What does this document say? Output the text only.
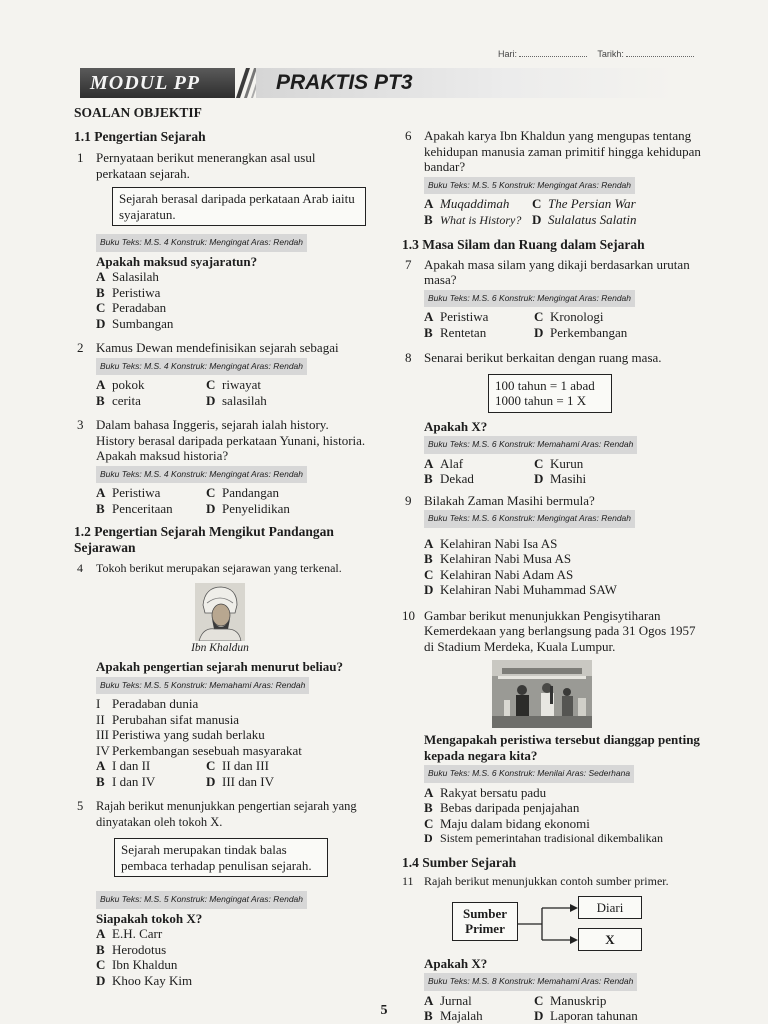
Hari:	Tarikh:
MODUL PP	PRAKTIS PT3
SOALAN OBJEKTIF
1.1 Pengertian Sejarah
1 Pernyataan berikut menerangkan asal usul perkataan sejarah.
Sejarah berasal daripada perkataan Arab iaitu syajaratun.
Buku Teks: M.S. 4 Konstruk: Mengingat Aras: Rendah
Apakah maksud syajaratun?
A Salasilah
B Peristiwa
C Peradaban
D Sumbangan
2 Kamus Dewan mendefinisikan sejarah sebagai
Buku Teks: M.S. 4 Konstruk: Mengingat Aras: Rendah
A pokok	C riwayat
B cerita	D salasilah
3 Dalam bahasa Inggeris, sejarah ialah history. History berasal daripada perkataan Yunani, historia. Apakah maksud historia?
Buku Teks: M.S. 4 Konstruk: Mengingat Aras: Rendah
A Peristiwa	C Pandangan
B Penceritaan	D Penyelidikan
1.2 Pengertian Sejarah Mengikut Pandangan Sejarawan
4 Tokoh berikut merupakan sejarawan yang terkenal.
Ibn Khaldun
Apakah pengertian sejarah menurut beliau?
Buku Teks: M.S. 5 Konstruk: Memahami Aras: Rendah
I Peradaban dunia
II Perubahan sifat manusia
III Peristiwa yang sudah berlaku
IV Perkembangan sesebuah masyarakat
A I dan II	C II dan III
B I dan IV	D III dan IV
5 Rajah berikut menunjukkan pengertian sejarah yang dinyatakan oleh tokoh X.
Sejarah merupakan tindak balas pembaca terhadap penulisan sejarah.
Buku Teks: M.S. 5 Konstruk: Mengingat Aras: Rendah
Siapakah tokoh X?
A E.H. Carr
B Herodotus
C Ibn Khaldun
D Khoo Kay Kim
6 Apakah karya Ibn Khaldun yang mengupas tentang kehidupan manusia zaman primitif hingga kehidupan bandar?
Buku Teks: M.S. 5 Konstruk: Mengingat Aras: Rendah
A Muqaddimah	C The Persian War
B What is History? D Sulalatus Salatin
1.3 Masa Silam dan Ruang dalam Sejarah
7 Apakah masa silam yang dikaji berdasarkan urutan masa?
Buku Teks: M.S. 6 Konstruk: Mengingat Aras: Rendah
A Peristiwa	C Kronologi
B Rentetan	D Perkembangan
8 Senarai berikut berkaitan dengan ruang masa.
100 tahun = 1 abad
1000 tahun = 1 X
Apakah X?
Buku Teks: M.S. 6 Konstruk: Memahami Aras: Rendah
A Alaf	C Kurun
B Dekad	D Masihi
9 Bilakah Zaman Masihi bermula?
Buku Teks: M.S. 6 Konstruk: Mengingat Aras: Rendah
A Kelahiran Nabi Isa AS
B Kelahiran Nabi Musa AS
C Kelahiran Nabi Adam AS
D Kelahiran Nabi Muhammad SAW
10 Gambar berikut menunjukkan Pengisytiharan Kemerdekaan yang berlangsung pada 31 Ogos 1957 di Stadium Merdeka, Kuala Lumpur.
Mengapakah peristiwa tersebut dianggap penting kepada negara kita?
Buku Teks: M.S. 6 Konstruk: Menilai Aras: Sederhana
A Rakyat bersatu padu
B Bebas daripada penjajahan
C Maju dalam bidang ekonomi
D Sistem pemerintahan tradisional dikembalikan
1.4 Sumber Sejarah
11 Rajah berikut menunjukkan contoh sumber primer.
Sumber
Primer
Diari
X
Apakah X?
Buku Teks: M.S. 8 Konstruk: Memahami Aras: Rendah
A Jurnal	C Manuskrip
B Majalah	D Laporan tahunan
5
